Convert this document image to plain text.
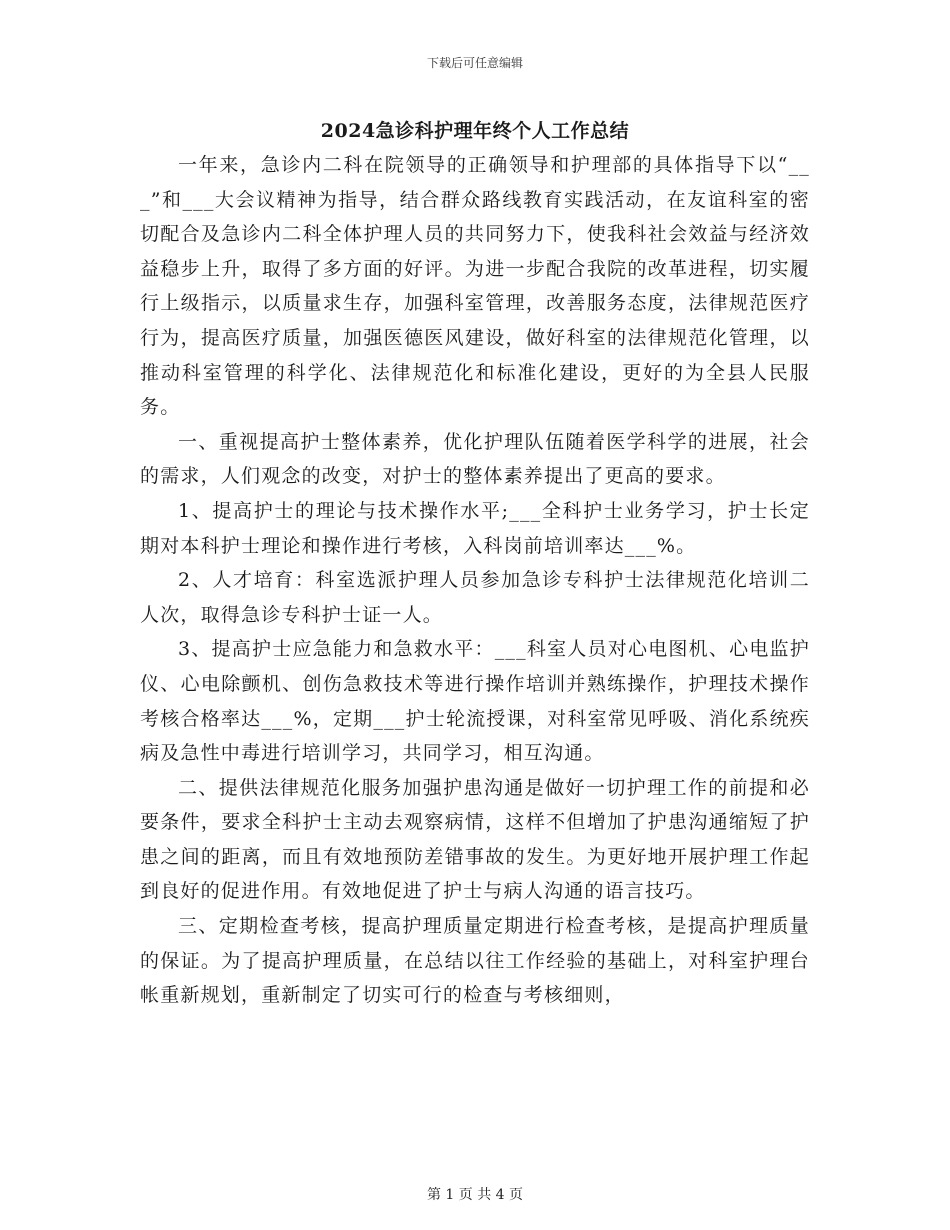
下载后可任意编辑
2024急诊科护理年终个人工作总结

一年来，急诊内二科在院领导的正确领导和护理部的具体指导下以“___”和___大会议精神为指导，结合群众路线教育实践活动，在友谊科室的密切配合及急诊内二科全体护理人员的共同努力下，使我科社会效益与经济效益稳步上升，取得了多方面的好评。为进一步配合我院的改革进程，切实履行上级指示，以质量求生存，加强科室管理，改善服务态度，法律规范医疗行为，提高医疗质量，加强医德医风建设，做好科室的法律规范化管理，以推动科室管理的科学化、法律规范化和标准化建设，更好的为全县人民服务。

一、重视提高护士整体素养，优化护理队伍随着医学科学的进展，社会的需求，人们观念的改变，对护士的整体素养提出了更高的要求。

1、提高护士的理论与技术操作水平;___全科护士业务学习，护士长定期对本科护士理论和操作进行考核，入科岗前培训率达___%。

2、人才培育：科室选派护理人员参加急诊专科护士法律规范化培训二人次，取得急诊专科护士证一人。

3、提高护士应急能力和急救水平：___科室人员对心电图机、心电监护仪、心电除颤机、创伤急救技术等进行操作培训并熟练操作，护理技术操作考核合格率达___%，定期___护士轮流授课，对科室常见呼吸、消化系统疾病及急性中毒进行培训学习，共同学习，相互沟通。

二、提供法律规范化服务加强护患沟通是做好一切护理工作的前提和必要条件，要求全科护士主动去观察病情，这样不但增加了护患沟通缩短了护患之间的距离，而且有效地预防差错事故的发生。为更好地开展护理工作起到良好的促进作用。有效地促进了护士与病人沟通的语言技巧。

三、定期检查考核，提高护理质量定期进行检查考核，是提高护理质量的保证。为了提高护理质量，在总结以往工作经验的基础上，对科室护理台帐重新规划，重新制定了切实可行的检查与考核细则，

第 1 页 共 4 页
